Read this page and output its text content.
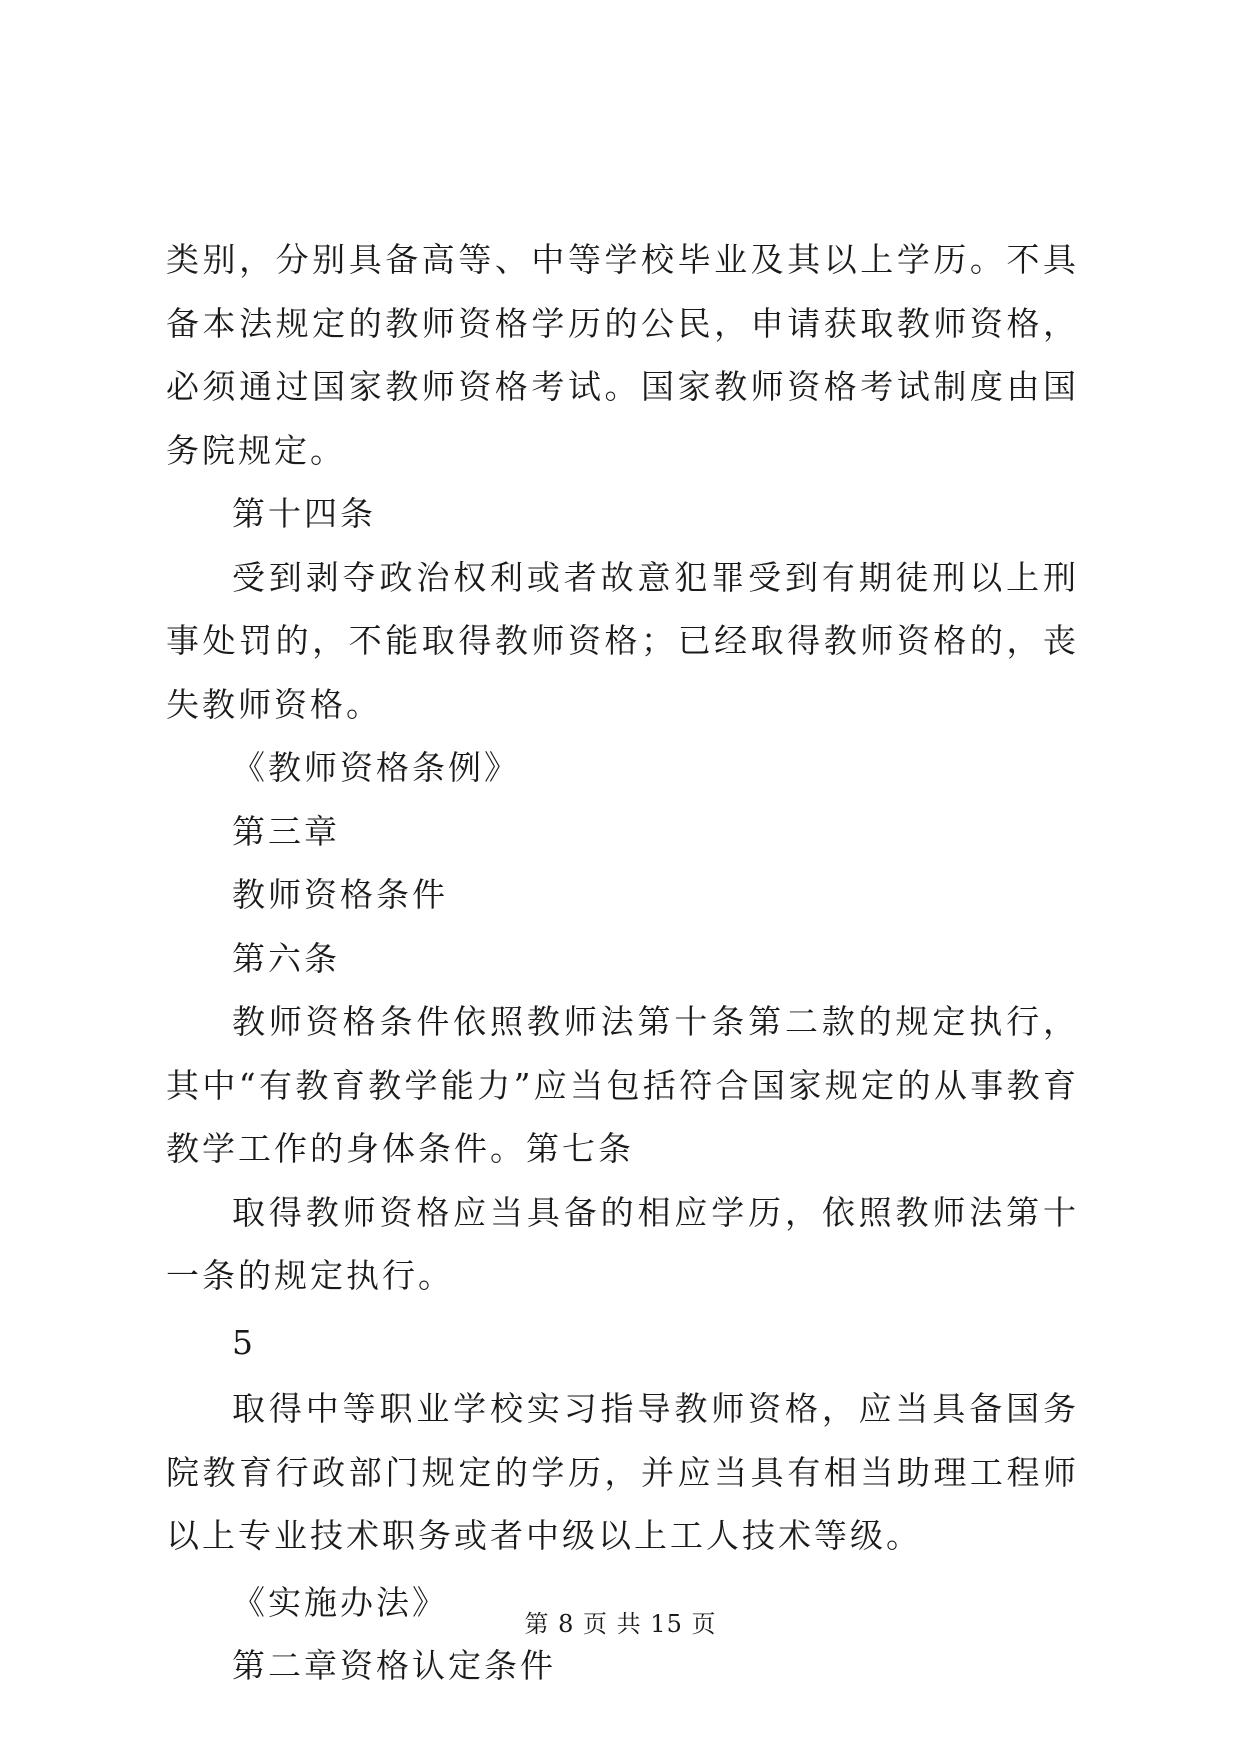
类别，分别具备高等、中等学校毕业及其以上学历。不具备本法规定的教师资格学历的公民，申请获取教师资格，必须通过国家教师资格考试。国家教师资格考试制度由国务院规定。

第十四条

受到剥夺政治权利或者故意犯罪受到有期徒刑以上刑事处罚的，不能取得教师资格；已经取得教师资格的，丧失教师资格。

《教师资格条例》

第三章

教师资格条件

第六条

教师资格条件依照教师法第十条第二款的规定执行，其中“有教育教学能力”应当包括符合国家规定的从事教育教学工作的身体条件。第七条

取得教师资格应当具备的相应学历，依照教师法第十一条的规定执行。

5

取得中等职业学校实习指导教师资格，应当具备国务院教育行政部门规定的学历，并应当具有相当助理工程师以上专业技术职务或者中级以上工人技术等级。

《实施办法》

第二章资格认定条件

第 8 页 共 15 页
